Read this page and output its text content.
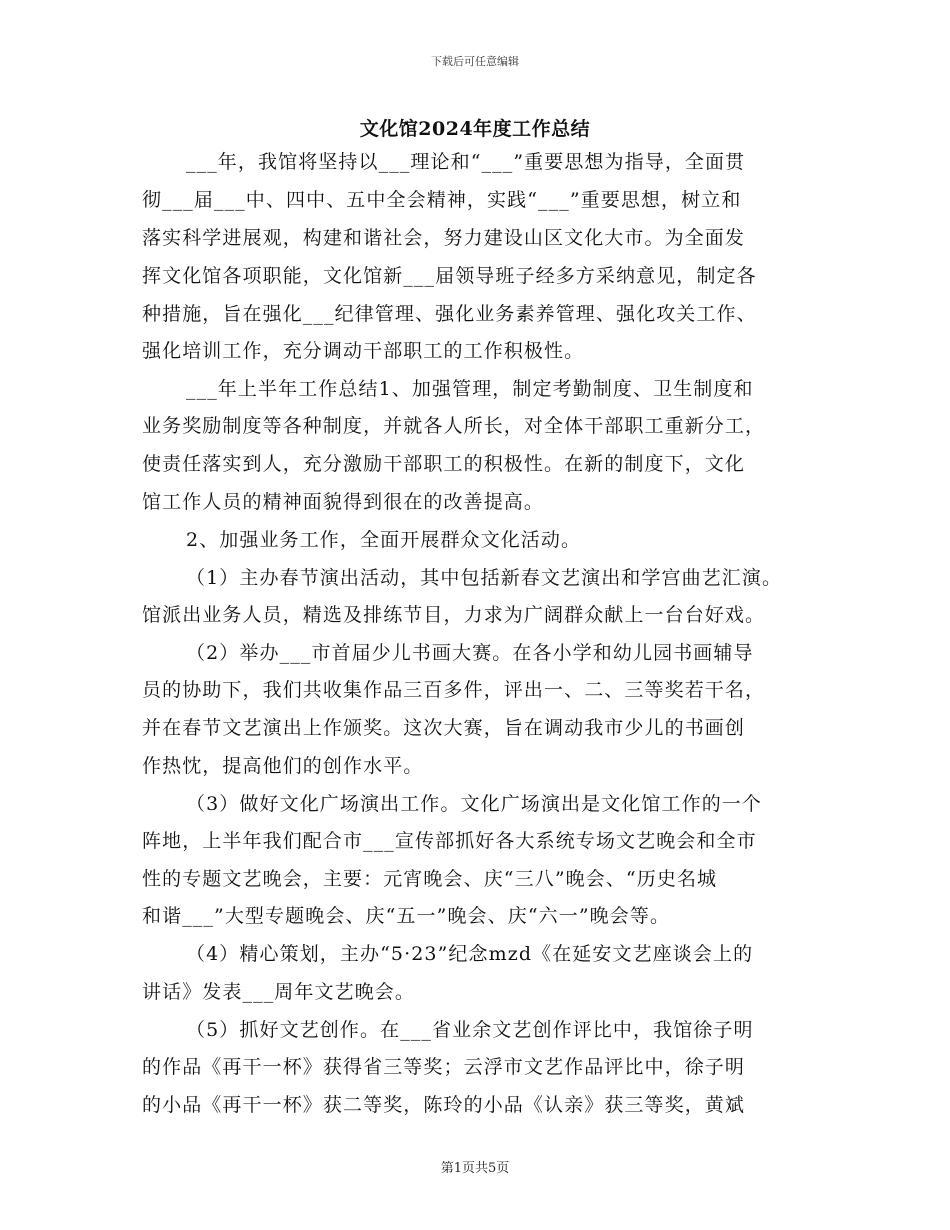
下载后可任意编辑
文化馆2024年度工作总结
___年，我馆将坚持以___理论和“___”重要思想为指导，全面贯
彻___届___中、四中、五中全会精神，实践“___”重要思想，树立和
落实科学进展观，构建和谐社会，努力建设山区文化大市。为全面发
挥文化馆各项职能，文化馆新___届领导班子经多方采纳意见，制定各
种措施，旨在强化___纪律管理、强化业务素养管理、强化攻关工作、
强化培训工作，充分调动干部职工的工作积极性。
___年上半年工作总结1、加强管理，制定考勤制度、卫生制度和
业务奖励制度等各种制度，并就各人所长，对全体干部职工重新分工，
使责任落实到人，充分激励干部职工的积极性。在新的制度下，文化
馆工作人员的精神面貌得到很在的改善提高。
2、加强业务工作，全面开展群众文化活动。
（1）主办春节演出活动，其中包括新春文艺演出和学宫曲艺汇演。
馆派出业务人员，精选及排练节目，力求为广阔群众献上一台台好戏。
（2）举办___市首届少儿书画大赛。在各小学和幼儿园书画辅导
员的协助下，我们共收集作品三百多件，评出一、二、三等奖若干名，
并在春节文艺演出上作颁奖。这次大赛，旨在调动我市少儿的书画创
作热忱，提高他们的创作水平。
（3）做好文化广场演出工作。文化广场演出是文化馆工作的一个
阵地，上半年我们配合市___宣传部抓好各大系统专场文艺晚会和全市
性的专题文艺晚会，主要：元宵晚会、庆“三八”晚会、“历史名城
和谐___”大型专题晚会、庆“五一”晚会、庆“六一”晚会等。
（4）精心策划，主办“5·23”纪念mzd《在延安文艺座谈会上的
讲话》发表___周年文艺晚会。
（5）抓好文艺创作。在___省业余文艺创作评比中，我馆徐子明
的作品《再干一杯》获得省三等奖；云浮市文艺作品评比中，徐子明
的小品《再干一杯》获二等奖，陈玲的小品《认亲》获三等奖，黄斌
第1页共5页
